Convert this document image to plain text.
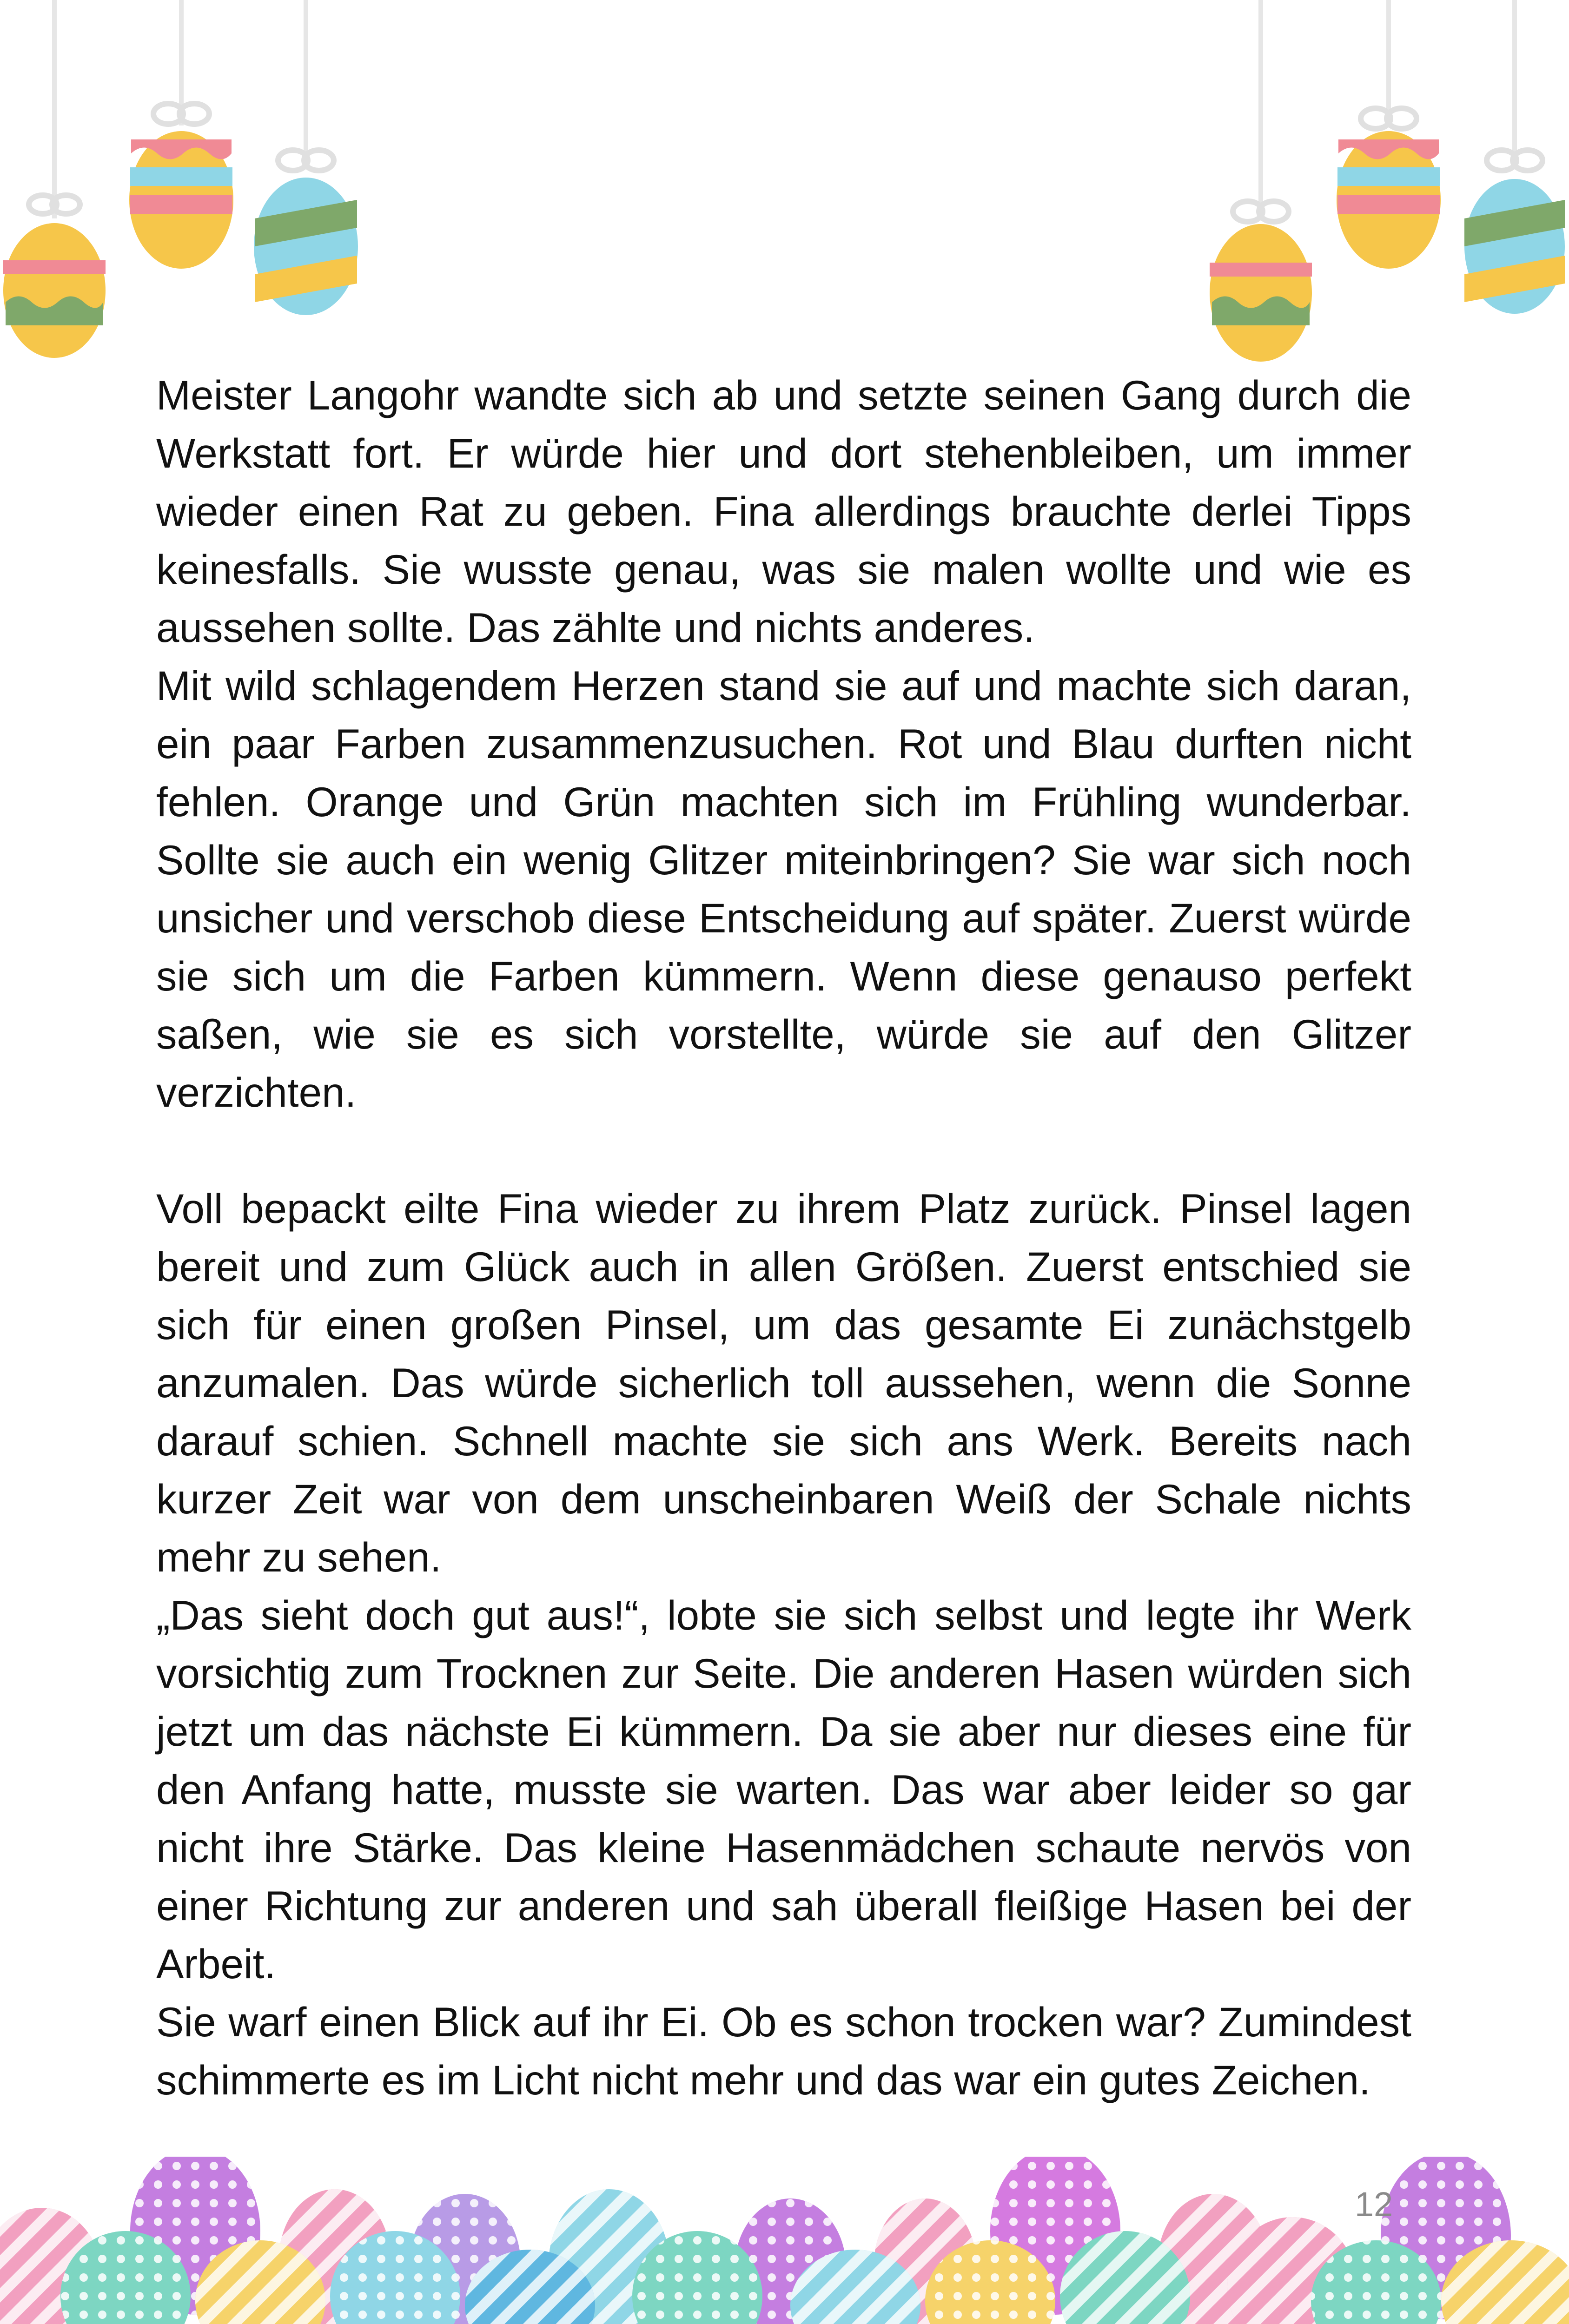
Meister Langohr wandte sich ab und setzte seinen Gang durch die Werkstatt fort. Er würde hier und dort stehenbleiben, um immer wieder einen Rat zu geben. Fina allerdings brauchte derlei Tipps keinesfalls. Sie wusste genau, was sie malen wollte und wie es aussehen sollte. Das zählte und nichts anderes.

Mit wild schlagendem Herzen stand sie auf und machte sich daran, ein paar Farben zusammenzusuchen. Rot und Blau durften nicht fehlen. Orange und Grün machten sich im Frühling wunderbar. Sollte sie auch ein wenig Glitzer miteinbringen? Sie war sich noch unsicher und verschob diese Entscheidung auf später. Zuerst würde sie sich um die Farben kümmern. Wenn diese genauso perfekt saßen, wie sie es sich vorstellte, würde sie auf den Glitzer verzichten.

Voll bepackt eilte Fina wieder zu ihrem Platz zurück. Pinsel lagen bereit und zum Glück auch in allen Größen. Zuerst entschied sie sich für einen großen Pinsel, um das gesamte Ei zunächstgelb anzumalen. Das würde sicherlich toll aussehen, wenn die Sonne darauf schien. Schnell machte sie sich ans Werk. Bereits nach kurzer Zeit war von dem unscheinbaren Weiß der Schale nichts mehr zu sehen.

„Das sieht doch gut aus!“, lobte sie sich selbst und legte ihr Werk vorsichtig zum Trocknen zur Seite. Die anderen Hasen würden sich jetzt um das nächste Ei kümmern. Da sie aber nur dieses eine für den Anfang hatte, musste sie warten. Das war aber leider so gar nicht ihre Stärke. Das kleine Hasenmädchen schaute nervös von einer Richtung zur anderen und sah überall fleißige Hasen bei der Arbeit.

Sie warf einen Blick auf ihr Ei. Ob es schon trocken war? Zumindest schimmerte es im Licht nicht mehr und das war ein gutes Zeichen.

12
